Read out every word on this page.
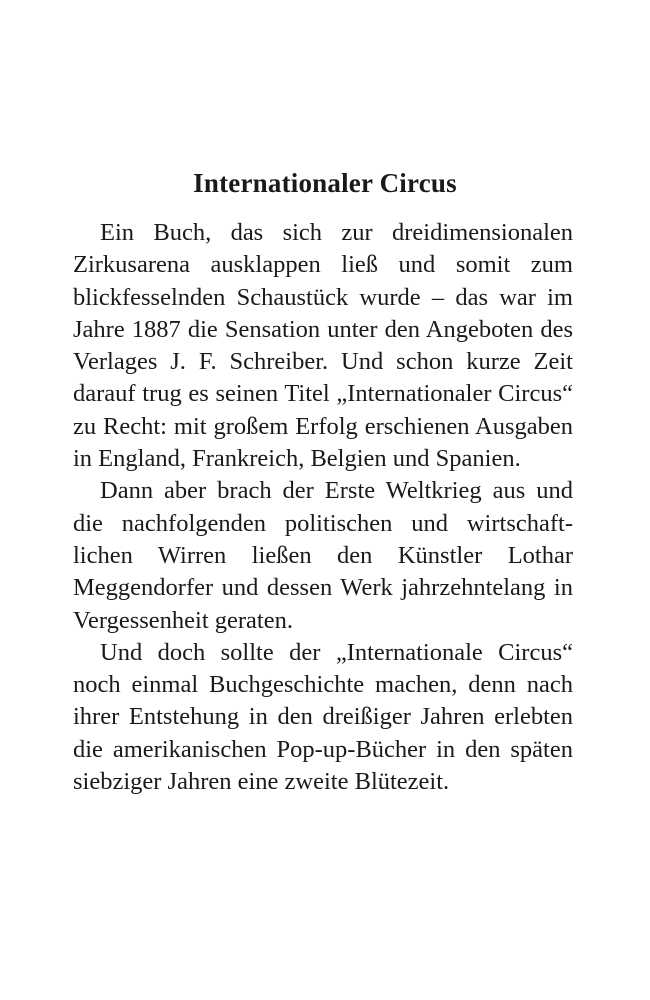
Internationaler Circus

Ein Buch, das sich zur dreidimensionalen Zirkusarena ausklappen ließ und somit zum blickfesselnden Schaustück wurde – das war im Jahre 1887 die Sensation unter den Angeboten des Verlages J. F. Schreiber. Und schon kurze Zeit darauf trug es seinen Titel „Internationaler Circus“ zu Recht: mit großem Erfolg erschienen Ausgaben in England, Frankreich, Belgien und Spanien.

Dann aber brach der Erste Weltkrieg aus und die nachfolgenden politischen und wirtschaftlichen Wirren ließen den Künstler Lothar Meggendorfer und dessen Werk jahrzehntelang in Vergessenheit geraten.

Und doch sollte der „Internationale Circus“ noch einmal Buchgeschichte machen, denn nach ihrer Entstehung in den dreißiger Jahren erlebten die amerikanischen Pop-up-Bücher in den späten siebziger Jahren eine zweite Blütezeit.
